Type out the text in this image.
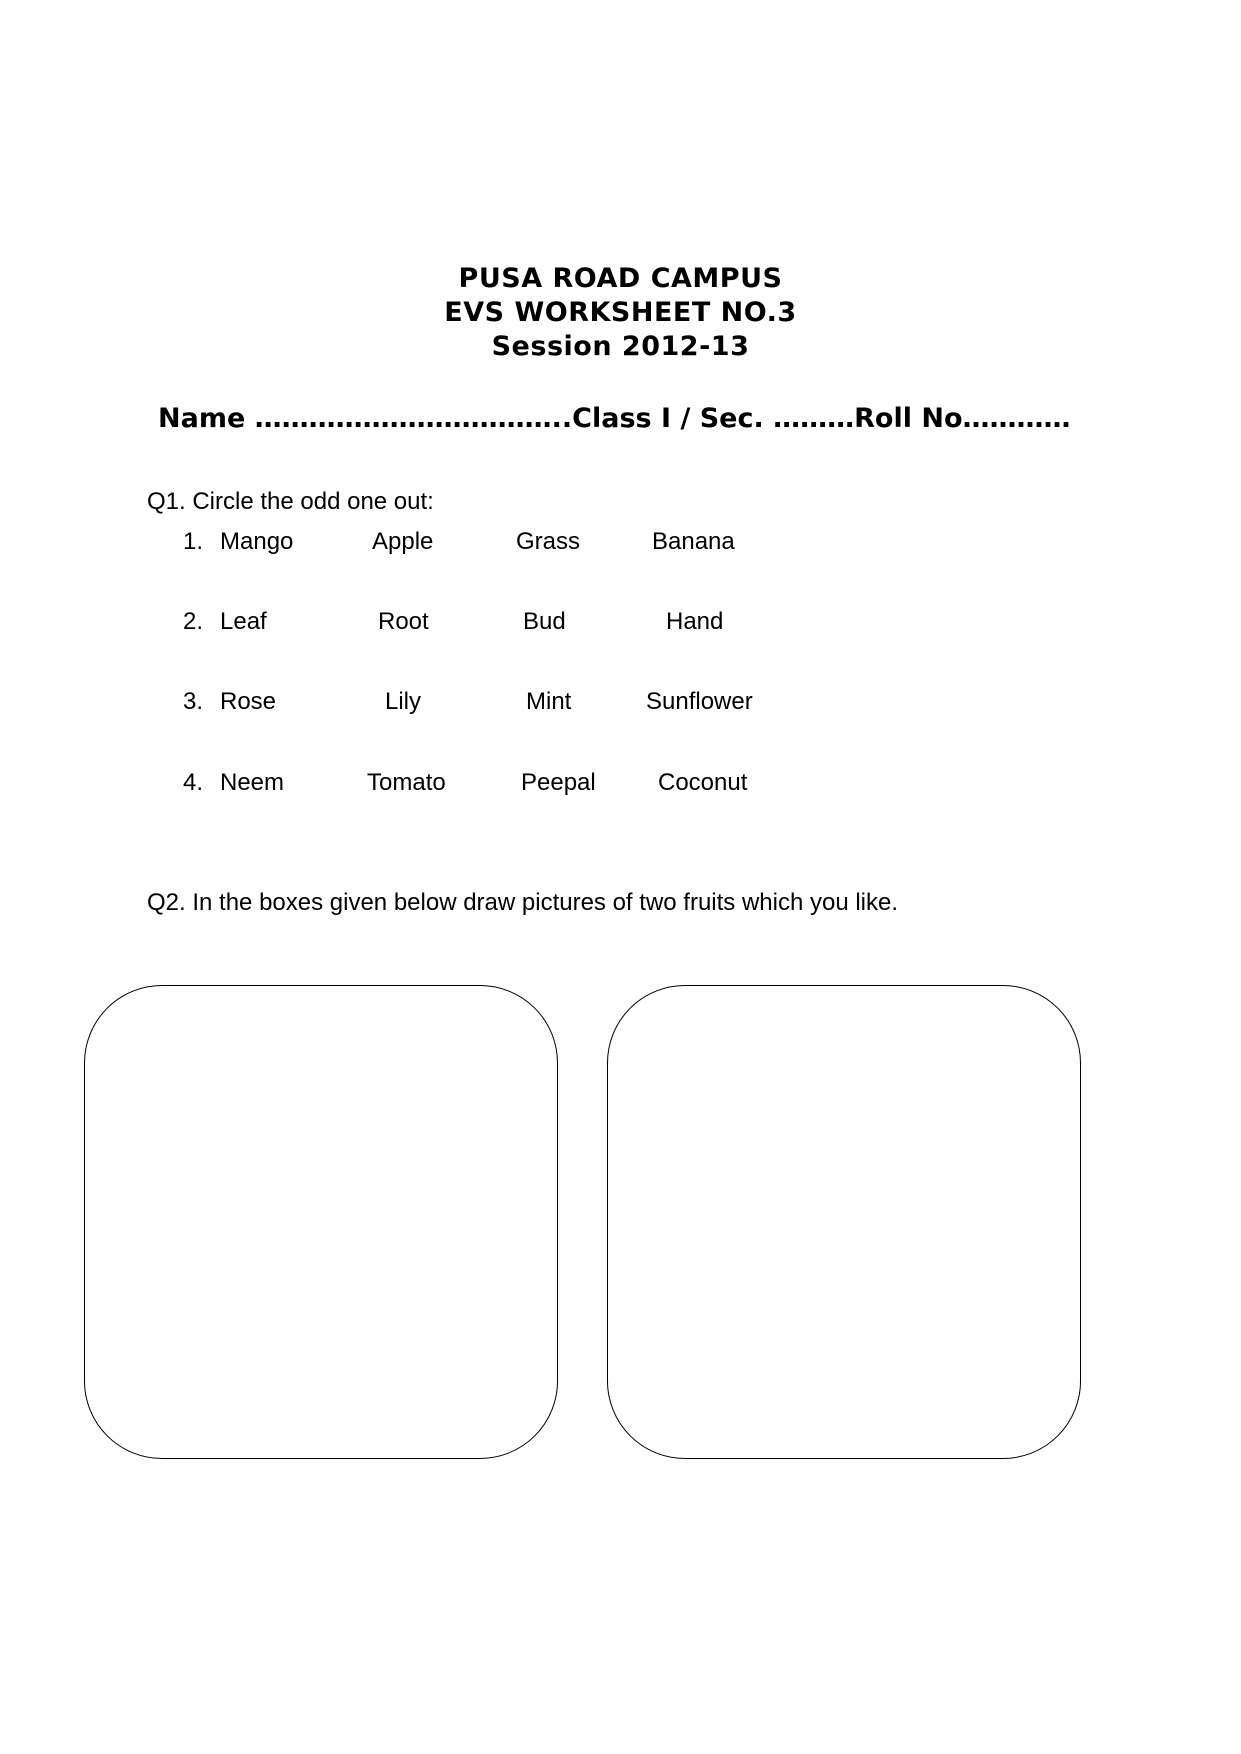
PUSA ROAD CAMPUS
EVS WORKSHEET NO.3
Session 2012-13
Name ……………………………..Class I / Sec. ………Roll No…………
Q1. Circle the odd one out:
1. Mango	Apple	Grass	Banana
2. Leaf	Root	Bud	Hand
3. Rose	Lily	Mint	Sunflower
4. Neem	Tomato	Peepal	Coconut
Q2. In the boxes given below draw pictures of two fruits which you like.
